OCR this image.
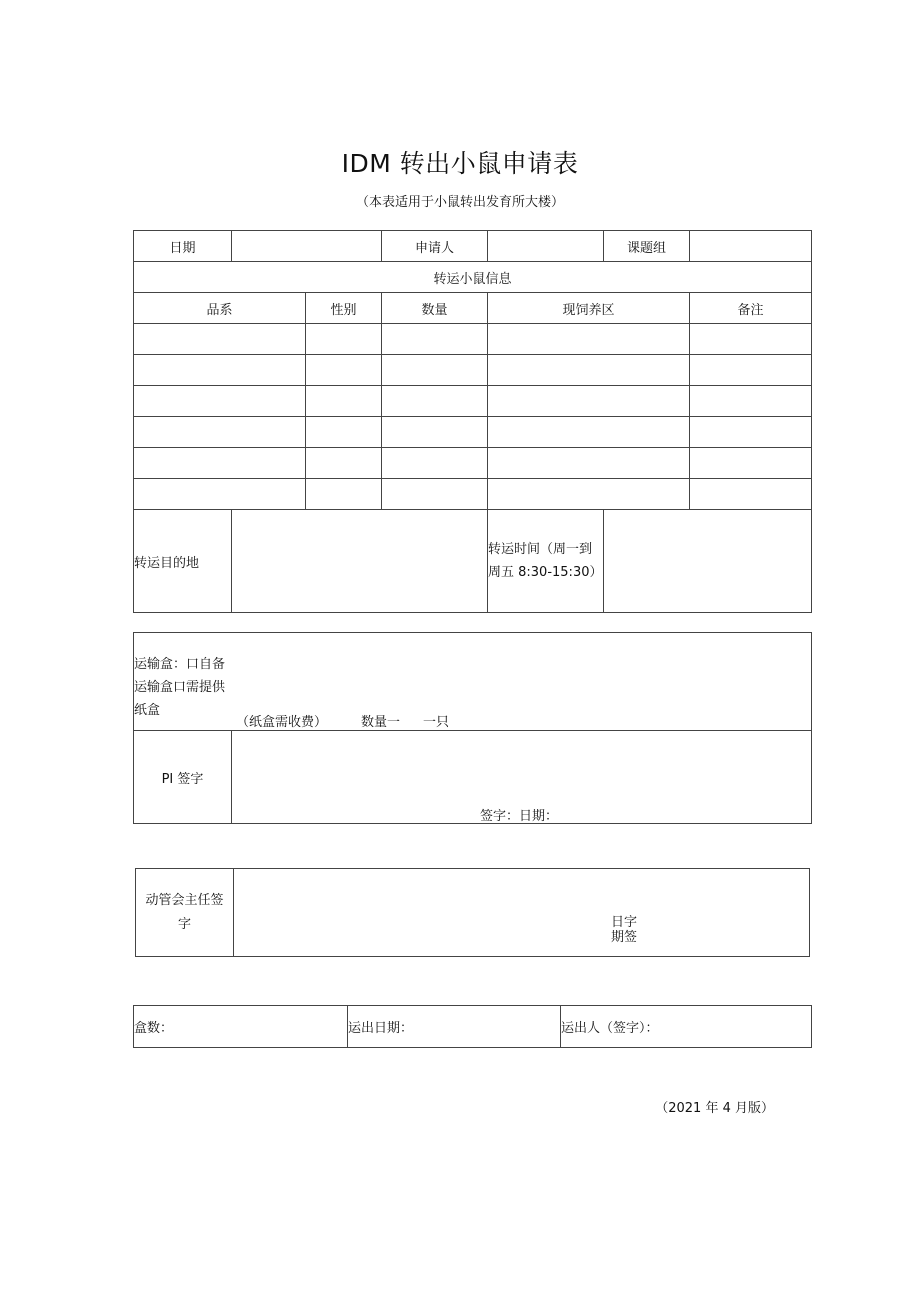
IDM 转出小鼠申请表
（本表适用于小鼠转出发育所大楼）
日期			申请人		课题组	
转运小鼠信息						
品系		性别	数量	现饲养区		备注

转运目的地				转运时间（周一到周五 8:30-15:30）		
运输盒：口自备运输盒口需提供纸盒
（纸盒需收费）	数量一 一只

PI 签字	
签字：日期：
动管会主任签字	日字期签
盒数：	运出日期：	运出人（签字）：
（2021 年 4 月版）
